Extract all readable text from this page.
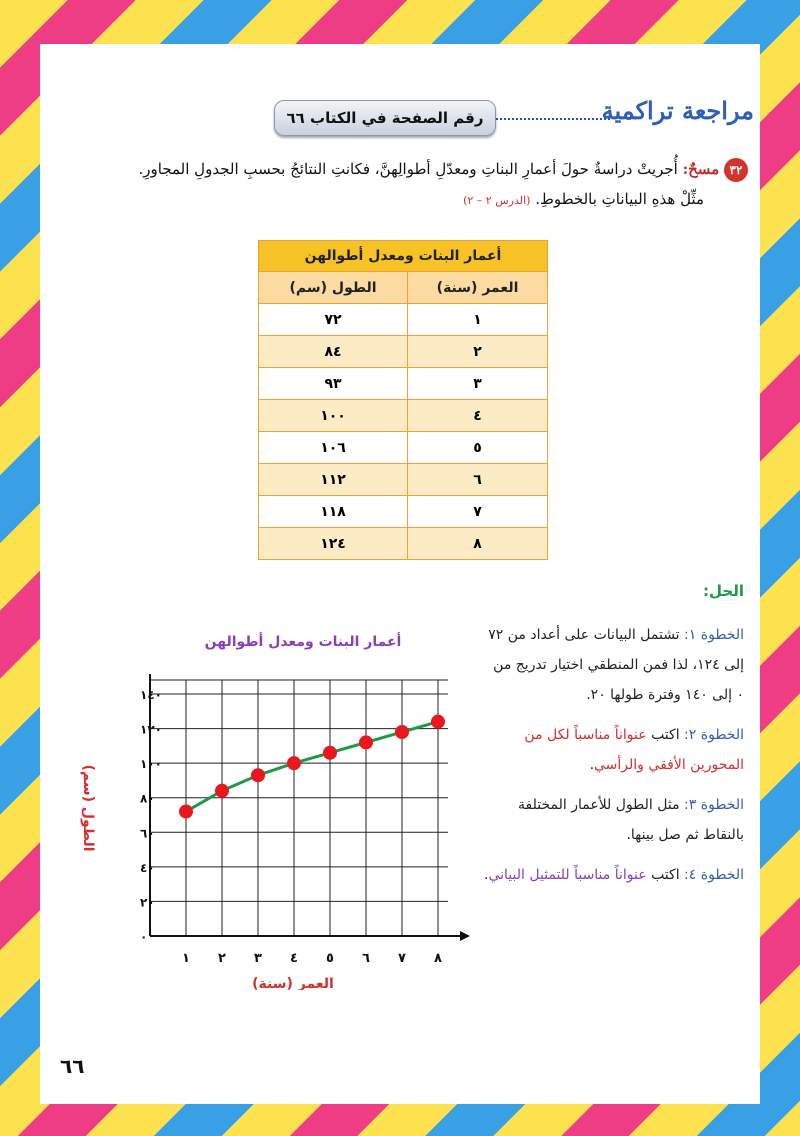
مراجعة تراكمية
رقم الصفحة في الكتاب ٦٦
٣٢ مسحٌ: أُجريتْ دراسةٌ حولَ أعمارِ البناتِ ومعدّلِ أطوالِهنَّ، فكانتِ النتائجُ بحسبِ الجدولِ المجاورِ.
مثِّلْ هذهِ البياناتِ بالخطوطِ. (الدرس ٢ – ٢)
أعمار البنات ومعدل أطوالهن	
العمر (سنة)	الطول (سم)
١	٧٢
٢	٨٤
٣	٩٣
٤	١٠٠
٥	١٠٦
٦	١١٢
٧	١١٨
٨	١٢٤
الحل:
الخطوة ١: تشتمل البيانات على أعداد من ٧٢ إلى ١٢٤، لذا فمن المنطقي اختيار تدريج من ٠ إلى ١٤٠ وفترة طولها ٢٠.
الخطوة ٢: اكتب عنواناً مناسباً لكل من المحورين الأفقي والرأسي.
الخطوة ٣: مثل الطول للأعمار المختلفة بالنقاط ثم صل بينها.
الخطوة ٤: اكتب عنواناً مناسباً للتمثيل البياني.
٠
٢٠
٤٠
٦٠
٨٠
١٠٠
١٢٠
١٤٠
١ ٢ ٣ ٤ ٥ ٦ ٧ ٨
أعمار البنات ومعدل أطوالهن
العمر (سنة)
الطول (سم)
٦٦
